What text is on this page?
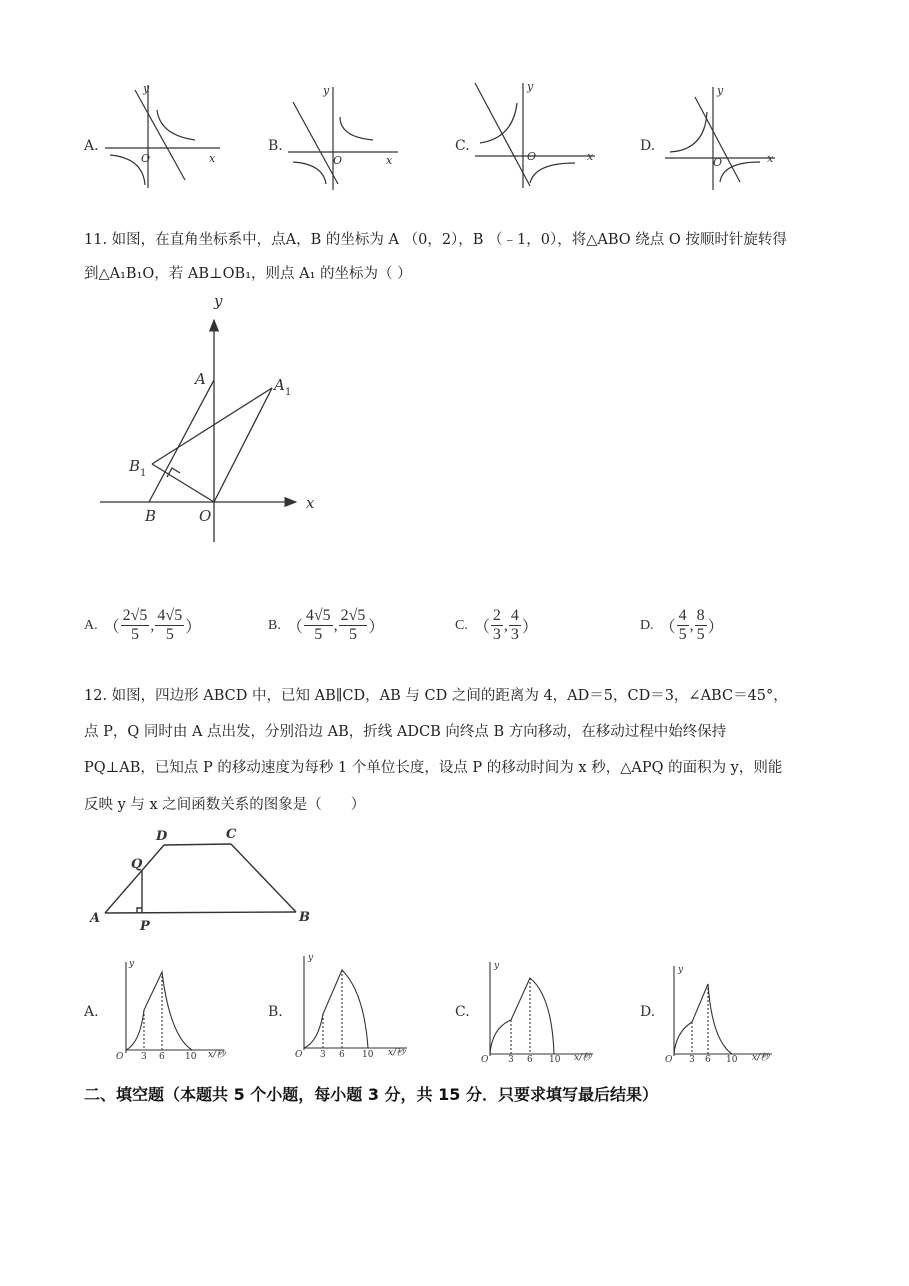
A.
y
O	x
B.
y
O	x
C.
y
O	x
D.
y
O	x
11. 如图，在直角坐标系中，点A，B 的坐标为 A （0，2），B （﹣1，0），将△ABO 绕点 O 按顺时针旋转得
到△A₁B₁O，若 AB⊥OB₁，则点 A₁ 的坐标为（ ）
y
x
A	A 1
B 1
B	O
A. （ $\frac{2√5}{5}$ , $\frac{4√5}{5}$ ）	B. （ $\frac{4√5}{5}$ , $\frac{2√5}{5}$ ）	C. （ $\frac{2}{3}$ , $\frac{4}{3}$ ）	D. （ $\frac{4}{5}$ , $\frac{8}{5}$ ）
12. 如图，四边形 ABCD 中，已知 AB∥CD，AB 与 CD 之间的距离为 4，AD＝5，CD＝3，∠ABC＝45°，
点 P，Q 同时由 A 点出发，分别沿边 AB，折线 ADCB 向终点 B 方向移动，在移动过程中始终保持
PQ⊥AB，已知点 P 的移动速度为每秒 1 个单位长度，设点 P 的移动时间为 x 秒，△APQ 的面积为 y，则能
反映 y 与 x 之间函数关系的图象是（　　）
A	B
D	C
Q
P
A.
y
O 3 6 10 x/秒
B.
y
O 3 6 10 x/秒
C.
y
O 3 6 10 x/秒
D.
y
O 3 6 10 x/秒
二、填空题（本题共 5 个小题，每小题 3 分，共 15 分．只要求填写最后结果）
